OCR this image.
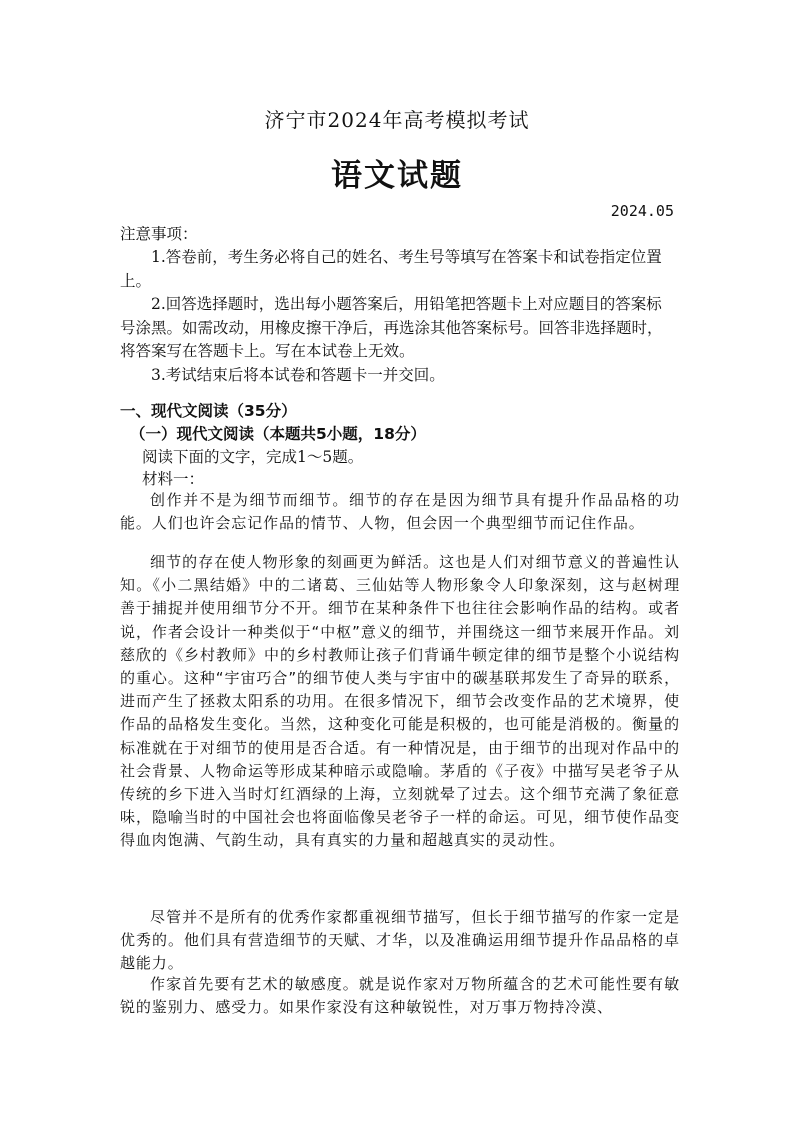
济宁市2024年高考模拟考试
语文试题
2024.05
注意事项：

1.答卷前，考生务必将自己的姓名、考生号等填写在答案卡和试卷指定位置上。

2.回答选择题时，选出每小题答案后，用铅笔把答题卡上对应题目的答案标号涂黑。如需改动，用橡皮擦干净后，再选涂其他答案标号。回答非选择题时，将答案写在答题卡上。写在本试卷上无效。

3.考试结束后将本试卷和答题卡一并交回。

一、现代文阅读（35分）
（一）现代文阅读（本题共5小题，18分）
阅读下面的文字，完成1～5题。
材料一：

创作并不是为细节而细节。细节的存在是因为细节具有提升作品品格的功能。人们也许会忘记作品的情节、人物，但会因一个典型细节而记住作品。

细节的存在使人物形象的刻画更为鲜活。这也是人们对细节意义的普遍性认知。《小二黑结婚》中的二诸葛、三仙姑等人物形象令人印象深刻，这与赵树理善于捕捉并使用细节分不开。细节在某种条件下也往往会影响作品的结构。或者说，作者会设计一种类似于“中枢”意义的细节，并围绕这一细节来展开作品。刘慈欣的《乡村教师》中的乡村教师让孩子们背诵牛顿定律的细节是整个小说结构的重心。这种“宇宙巧合”的细节使人类与宇宙中的碳基联邦发生了奇异的联系，进而产生了拯救太阳系的功用。在很多情况下，细节会改变作品的艺术境界，使作品的品格发生变化。当然，这种变化可能是积极的，也可能是消极的。衡量的标准就在于对细节的使用是否合适。有一种情况是，由于细节的出现对作品中的社会背景、人物命运等形成某种暗示或隐喻。茅盾的《子夜》中描写吴老爷子从传统的乡下进入当时灯红酒绿的上海，立刻就晕了过去。这个细节充满了象征意味，隐喻当时的中国社会也将面临像吴老爷子一样的命运。可见，细节使作品变得血肉饱满、气韵生动，具有真实的力量和超越真实的灵动性。

尽管并不是所有的优秀作家都重视细节描写，但长于细节描写的作家一定是优秀的。他们具有营造细节的天赋、才华，以及准确运用细节提升作品品格的卓越能力。

作家首先要有艺术的敏感度。就是说作家对万物所蕴含的艺术可能性要有敏锐的鉴别力、感受力。如果作家没有这种敏锐性，对万事万物持冷漠、
